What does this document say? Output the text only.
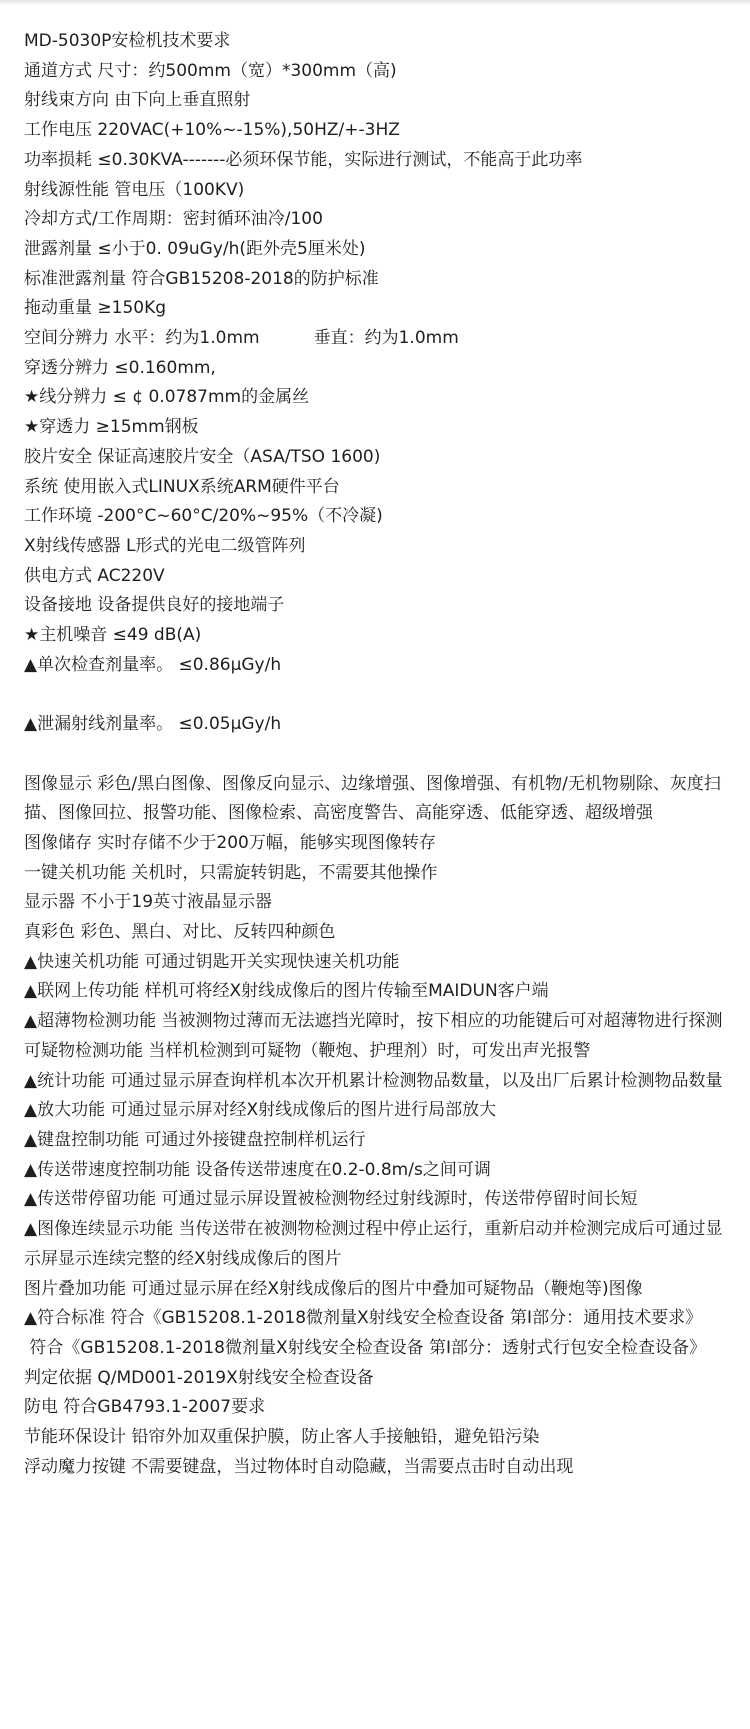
MD-5030P安检机技术要求
通道方式 尺寸：约500mm（宽）*300mm（高)
射线束方向 由下向上垂直照射
工作电压 220VAC(+10%~-15%),50HZ/+-3HZ
功率损耗 ≤0.30KVA-------必须环保节能，实际进行测试，不能高于此功率
射线源性能 管电压（100KV)
冷却方式/工作周期：密封循环油冷/100
泄露剂量 ≤小于0. 09uGy/h(距外壳5厘米处)
标准泄露剂量 符合GB15208-2018的防护标准
拖动重量 ≥150Kg
空间分辨力 水平：约为1.0mm          垂直：约为1.0mm
穿透分辨力 ≤0.160mm,
★线分辨力 ≤ ¢ 0.0787mm的金属丝
★穿透力 ≥15mm钢板
胶片安全 保证高速胶片安全（ASA/TSO 1600)
系统 使用嵌入式LINUX系统ARM硬件平台
工作环境 -200°C~60°C/20%~95%（不冷凝)
X射线传感器 L形式的光电二级管阵列
供电方式 AC220V
设备接地 设备提供良好的接地端子
★主机噪音 ≤49 dB(A)
▲单次检查剂量率。 ≤0.86μGy/h
▲泄漏射线剂量率。 ≤0.05μGy/h
图像显示 彩色/黑白图像、图像反向显示、边缘增强、图像增强、有机物/无机物剔除、灰度扫描、图像回拉、报警功能、图像检索、高密度警告、高能穿透、低能穿透、超级增强
图像储存 实时存储不少于200万幅，能够实现图像转存
一键关机功能 关机时，只需旋转钥匙，不需要其他操作
显示器 不小于19英寸液晶显示器
真彩色 彩色、黑白、对比、反转四种颜色
▲快速关机功能 可通过钥匙开关实现快速关机功能
▲联网上传功能 样机可将经X射线成像后的图片传输至MAIDUN客户端
▲超薄物检测功能 当被测物过薄而无法遮挡光障时，按下相应的功能键后可对超薄物进行探测
可疑物检测功能 当样机检测到可疑物（鞭炮、护理剂）时，可发出声光报警
▲统计功能 可通过显示屏查询样机本次开机累计检测物品数量，以及出厂后累计检测物品数量
▲放大功能 可通过显示屏对经X射线成像后的图片进行局部放大
▲键盘控制功能 可通过外接键盘控制样机运行
▲传送带速度控制功能 设备传送带速度在0.2-0.8m/s之间可调
▲传送带停留功能 可通过显示屏设置被检测物经过射线源时，传送带停留时间长短
▲图像连续显示功能 当传送带在被测物检测过程中停止运行，重新启动并检测完成后可通过显示屏显示连续完整的经X射线成像后的图片
图片叠加功能 可通过显示屏在经X射线成像后的图片中叠加可疑物品（鞭炮等)图像
▲符合标准 符合《GB15208.1-2018微剂量X射线安全检查设备 第I部分：通用技术要求》
符合《GB15208.1-2018微剂量X射线安全检查设备 第I部分：透射式行包安全检查设备》
判定依据 Q/MD001-2019X射线安全检查设备
防电 符合GB4793.1-2007要求
节能环保设计 铅帘外加双重保护膜，防止客人手接触铅，避免铅污染
浮动魔力按键 不需要键盘，当过物体时自动隐藏，当需要点击时自动出现
